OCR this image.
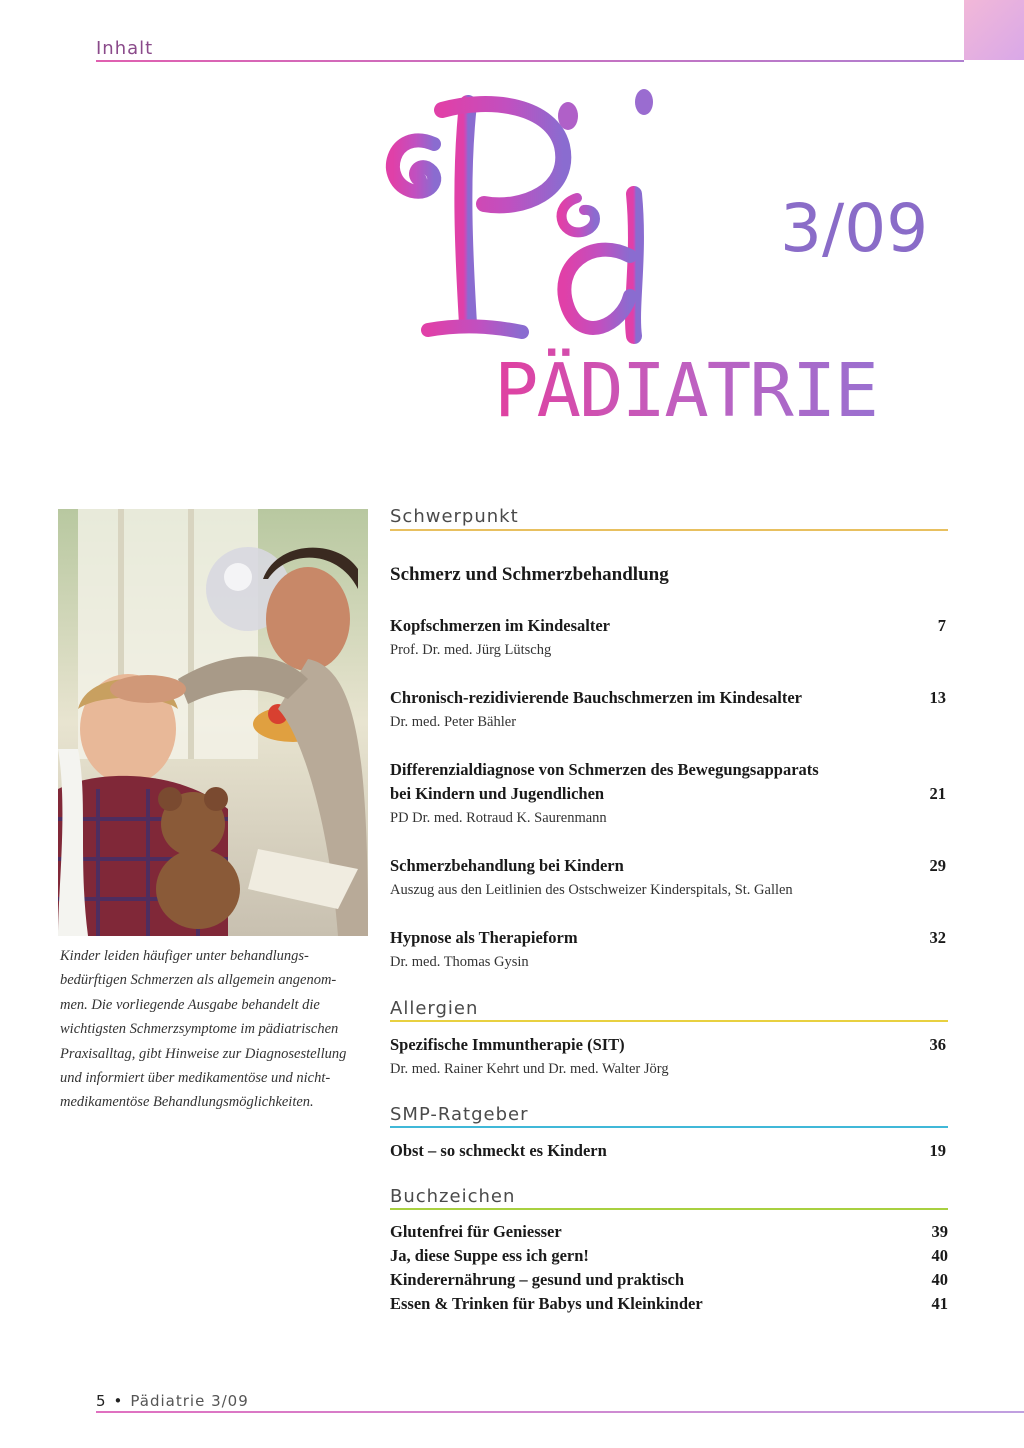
Inhalt
3/09
PÄDIATRIE
Kinder leiden häufiger unter behandlungs-bedürftigen Schmerzen als allgemein angenom-men. Die vorliegende Ausgabe behandelt die wichtigsten Schmerzsymptome im pädiatrischen Praxisalltag, gibt Hinweise zur Diagnosestellung und informiert über medikamentöse und nicht-medikamentöse Behandlungsmöglichkeiten.
Schwerpunkt
Schmerz und Schmerzbehandlung
Kopfschmerzen im Kindesalter	7
Prof. Dr. med. Jürg Lütschg
Chronisch-rezidivierende Bauchschmerzen im Kindesalter	13
Dr. med. Peter Bähler
Differenzialdiagnose von Schmerzen des Bewegungsapparats
bei Kindern und Jugendlichen	21
PD Dr. med. Rotraud K. Saurenmann
Schmerzbehandlung bei Kindern	29
Auszug aus den Leitlinien des Ostschweizer Kinderspitals, St. Gallen
Hypnose als Therapieform	32
Dr. med. Thomas Gysin
Allergien
Spezifische Immuntherapie (SIT)	36
Dr. med. Rainer Kehrt und Dr. med. Walter Jörg
SMP-Ratgeber
Obst – so schmeckt es Kindern	19
Buchzeichen
Glutenfrei für Geniesser	39
Ja, diese Suppe ess ich gern!	40
Kinderernährung – gesund und praktisch	40
Essen & Trinken für Babys und Kleinkinder	41
5 • Pädiatrie 3/09
